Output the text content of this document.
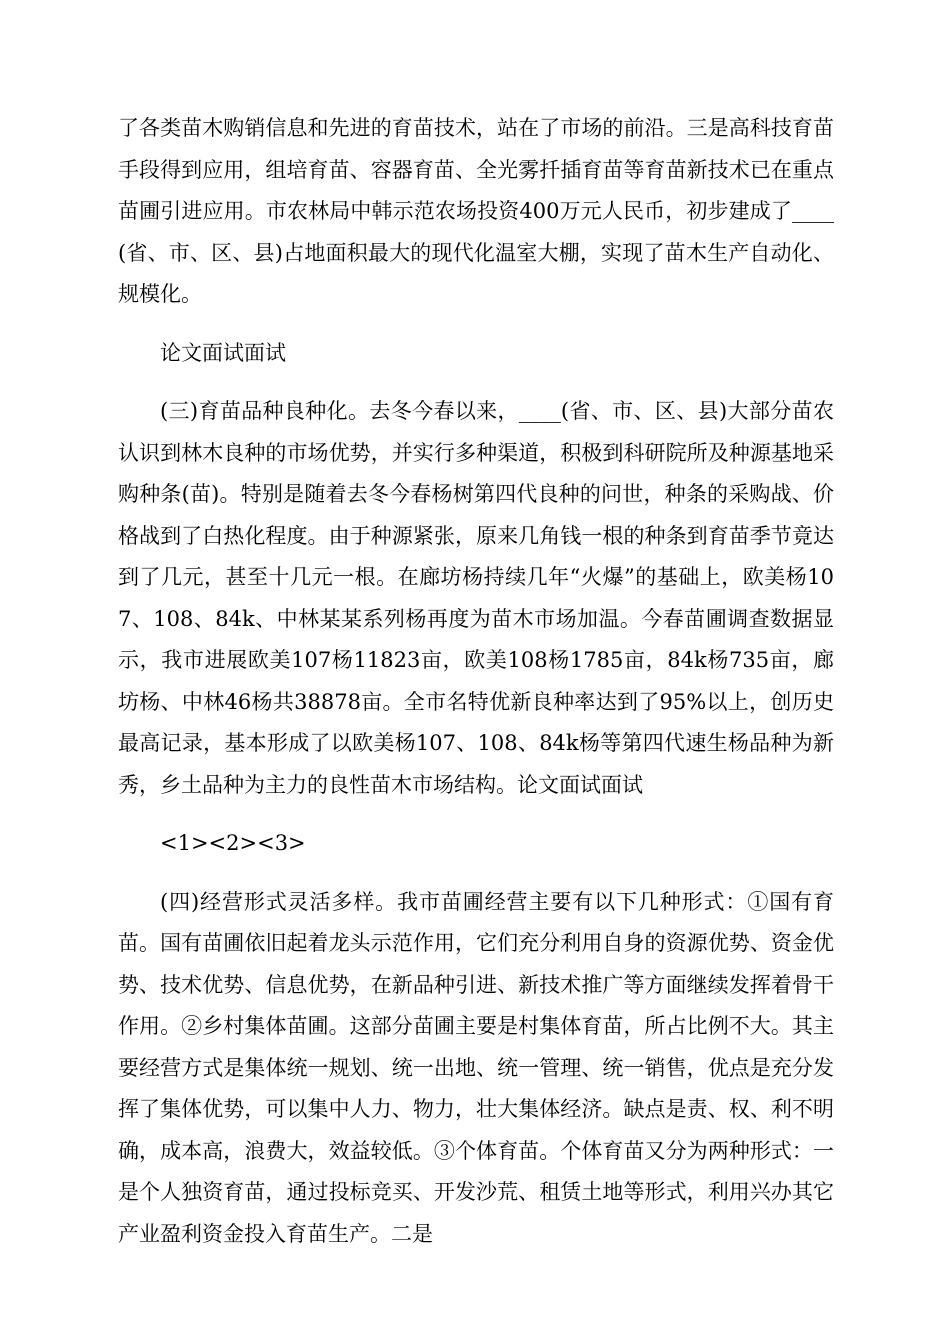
了各类苗木购销信息和先进的育苗技术，站在了市场的前沿。三是高科技育苗手段得到应用，组培育苗、容器育苗、全光雾扦插育苗等育苗新技术已在重点苗圃引进应用。市农林局中韩示范农场投资400万元人民币，初步建成了____(省、市、区、县)占地面积最大的现代化温室大棚，实现了苗木生产自动化、规模化。

论文面试面试

(三)育苗品种良种化。去冬今春以来，____(省、市、区、县)大部分苗农认识到林木良种的市场优势，并实行多种渠道，积极到科研院所及种源基地采购种条(苗)。特别是随着去冬今春杨树第四代良种的问世，种条的采购战、价格战到了白热化程度。由于种源紧张，原来几角钱一根的种条到育苗季节竟达到了几元，甚至十几元一根。在廊坊杨持续几年“火爆”的基础上，欧美杨107、108、84k、中林某某系列杨再度为苗木市场加温。今春苗圃调查数据显示，我市进展欧美107杨11823亩，欧美108杨1785亩，84k杨735亩，廊坊杨、中林46杨共38878亩。全市名特优新良种率达到了95%以上，创历史最高记录，基本形成了以欧美杨107、108、84k杨等第四代速生杨品种为新秀，乡土品种为主力的良性苗木市场结构。论文面试面试

<1><2><3>

(四)经营形式灵活多样。我市苗圃经营主要有以下几种形式：①国有育苗。国有苗圃依旧起着龙头示范作用，它们充分利用自身的资源优势、资金优势、技术优势、信息优势，在新品种引进、新技术推广等方面继续发挥着骨干作用。②乡村集体苗圃。这部分苗圃主要是村集体育苗，所占比例不大。其主要经营方式是集体统一规划、统一出地、统一管理、统一销售，优点是充分发挥了集体优势，可以集中人力、物力，壮大集体经济。缺点是责、权、利不明确，成本高，浪费大，效益较低。③个体育苗。个体育苗又分为两种形式：一是个人独资育苗，通过投标竞买、开发沙荒、租赁土地等形式，利用兴办其它产业盈利资金投入育苗生产。二是
